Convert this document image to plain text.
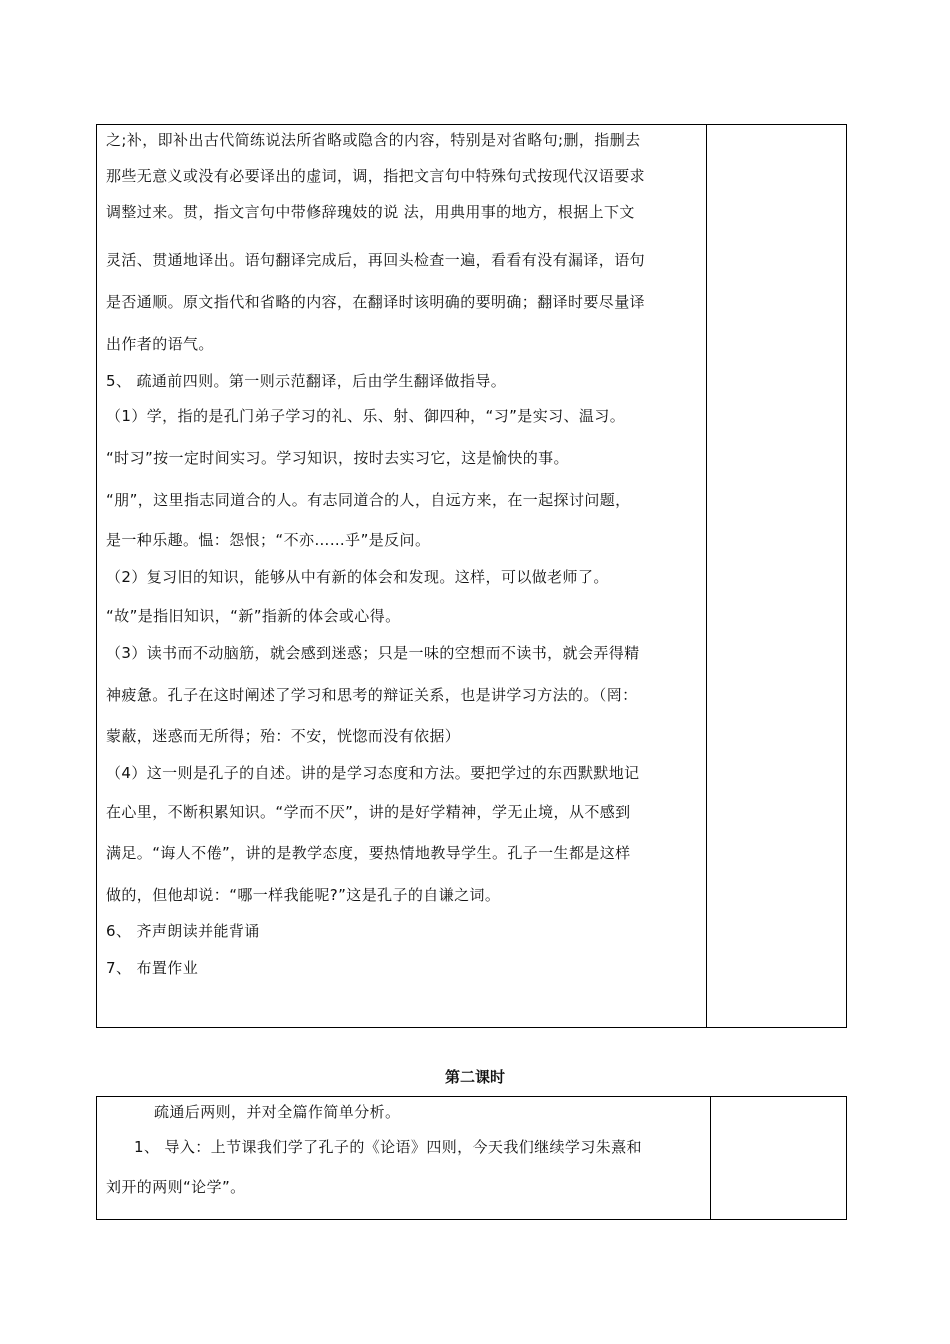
之;补，即补出古代简练说法所省略或隐含的内容，特别是对省略句;删，指删去
那些无意义或没有必要译出的虚词，调，指把文言句中特殊句式按现代汉语要求
调整过来。贯，指文言句中带修辞瑰妓的说 法，用典用事的地方，根据上下文
灵活、贯通地译出。语句翻译完成后，再回头检查一遍，看看有没有漏译，语句
是否通顺。原文指代和省略的内容，在翻译时该明确的要明确；翻译时要尽量译
出作者的语气。
5、 疏通前四则。第一则示范翻译，后由学生翻译做指导。
（1）学，指的是孔门弟子学习的礼、乐、射、御四种，“习”是实习、温习。
“时习”按一定时间实习。学习知识，按时去实习它，这是愉快的事。
“朋”，这里指志同道合的人。有志同道合的人，自远方来，在一起探讨问题，
是一种乐趣。愠：怨恨；“不亦……乎”是反问。
（2）复习旧的知识，能够从中有新的体会和发现。这样，可以做老师了。
“故”是指旧知识，“新”指新的体会或心得。
（3）读书而不动脑筋，就会感到迷惑；只是一味的空想而不读书，就会弄得精
神疲惫。孔子在这时阐述了学习和思考的辩证关系，也是讲学习方法的。（罔：
蒙蔽，迷惑而无所得；殆：不安，恍惚而没有依据）
（4）这一则是孔子的自述。讲的是学习态度和方法。要把学过的东西默默地记
在心里，不断积累知识。“学而不厌”，讲的是好学精神，学无止境，从不感到
满足。“诲人不倦”，讲的是教学态度，要热情地教导学生。孔子一生都是这样
做的，但他却说：“哪一样我能呢?”这是孔子的自谦之词。
6、 齐声朗读并能背诵
7、 布置作业
第二课时
疏通后两则，并对全篇作简单分析。
1、 导入：上节课我们学了孔子的《论语》四则，今天我们继续学习朱熹和
刘开的两则“论学”。
